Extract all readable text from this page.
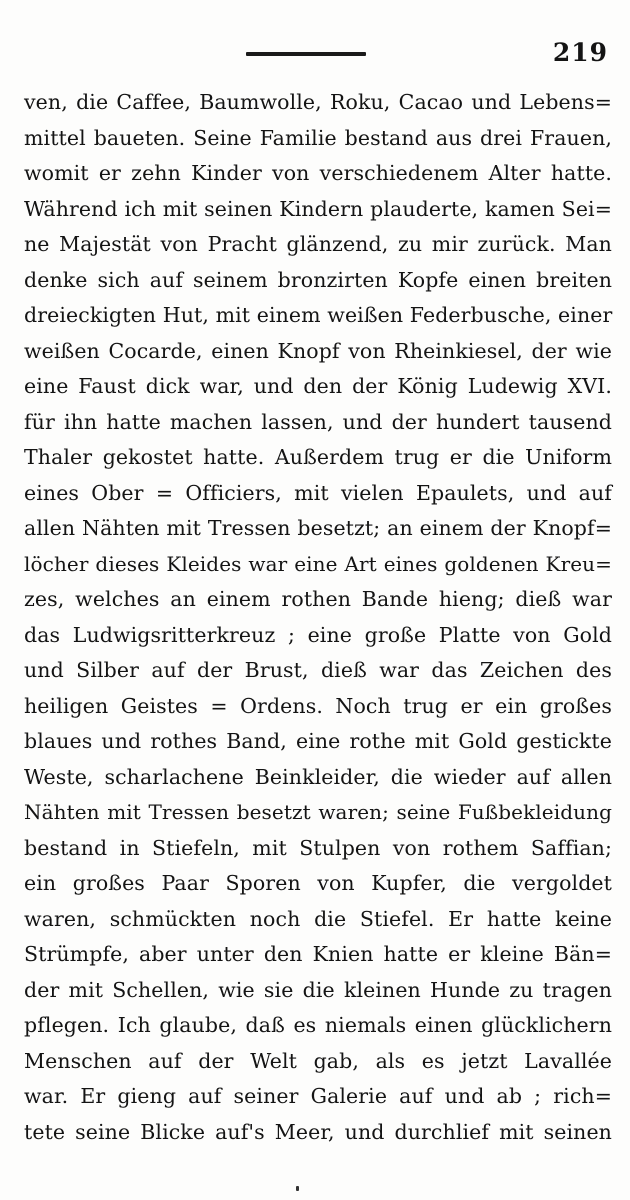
219
ven, die Caffee, Baumwolle, Roku, Cacao und Lebens=
mittel baueten. Seine Familie bestand aus drei Frauen,
womit er zehn Kinder von verschiedenem Alter hatte.
Während ich mit seinen Kindern plauderte, kamen Sei=
ne Majestät von Pracht glänzend, zu mir zurück. Man
denke sich auf seinem bronzirten Kopfe einen breiten
dreieckigten Hut, mit einem weißen Federbusche, einer
weißen Cocarde, einen Knopf von Rheinkiesel, der wie
eine Faust dick war, und den der König Ludewig XVI.
für ihn hatte machen lassen, und der hundert tausend
Thaler gekostet hatte. Außerdem trug er die Uniform
eines Ober = Officiers, mit vielen Epaulets, und auf
allen Nähten mit Tressen besetzt; an einem der Knopf=
löcher dieses Kleides war eine Art eines goldenen Kreu=
zes, welches an einem rothen Bande hieng; dieß war
das Ludwigsritterkreuz ; eine große Platte von Gold
und Silber auf der Brust, dieß war das Zeichen des
heiligen Geistes = Ordens. Noch trug er ein großes
blaues und rothes Band, eine rothe mit Gold gestickte
Weste, scharlachene Beinkleider, die wieder auf allen
Nähten mit Tressen besetzt waren; seine Fußbekleidung
bestand in Stiefeln, mit Stulpen von rothem Saffian;
ein großes Paar Sporen von Kupfer, die vergoldet
waren, schmückten noch die Stiefel. Er hatte keine
Strümpfe, aber unter den Knien hatte er kleine Bän=
der mit Schellen, wie sie die kleinen Hunde zu tragen
pflegen. Ich glaube, daß es niemals einen glücklichern
Menschen auf der Welt gab, als es jetzt Lavallée
war. Er gieng auf seiner Galerie auf und ab ; rich=
tete seine Blicke auf's Meer, und durchlief mit seinen
